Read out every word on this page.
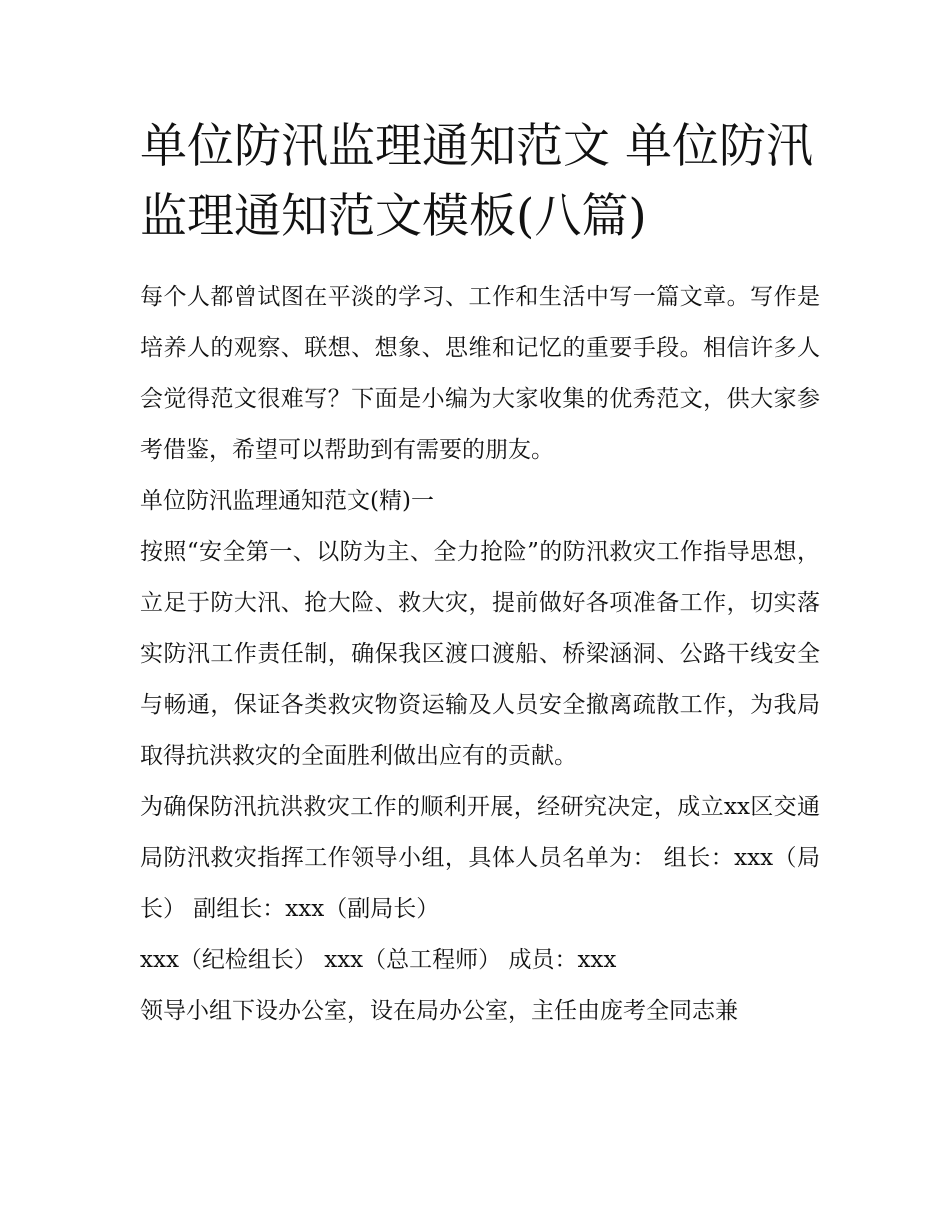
单位防汛监理通知范文 单位防汛监理通知范文模板(八篇)

每个人都曾试图在平淡的学习、工作和生活中写一篇文章。写作是培养人的观察、联想、想象、思维和记忆的重要手段。相信许多人会觉得范文很难写？下面是小编为大家收集的优秀范文，供大家参考借鉴，希望可以帮助到有需要的朋友。

单位防汛监理通知范文(精)一

按照“安全第一、以防为主、全力抢险”的防汛救灾工作指导思想，立足于防大汛、抢大险、救大灾，提前做好各项准备工作，切实落实防汛工作责任制，确保我区渡口渡船、桥梁涵洞、公路干线安全与畅通，保证各类救灾物资运输及人员安全撤离疏散工作，为我局取得抗洪救灾的全面胜利做出应有的贡献。

为确保防汛抗洪救灾工作的顺利开展，经研究决定，成立xx区交通局防汛救灾指挥工作领导小组，具体人员名单为： 组长：xxx（局长） 副组长：xxx（副局长）

xxx（纪检组长） xxx（总工程师） 成员：xxx

领导小组下设办公室，设在局办公室，主任由庞考全同志兼
